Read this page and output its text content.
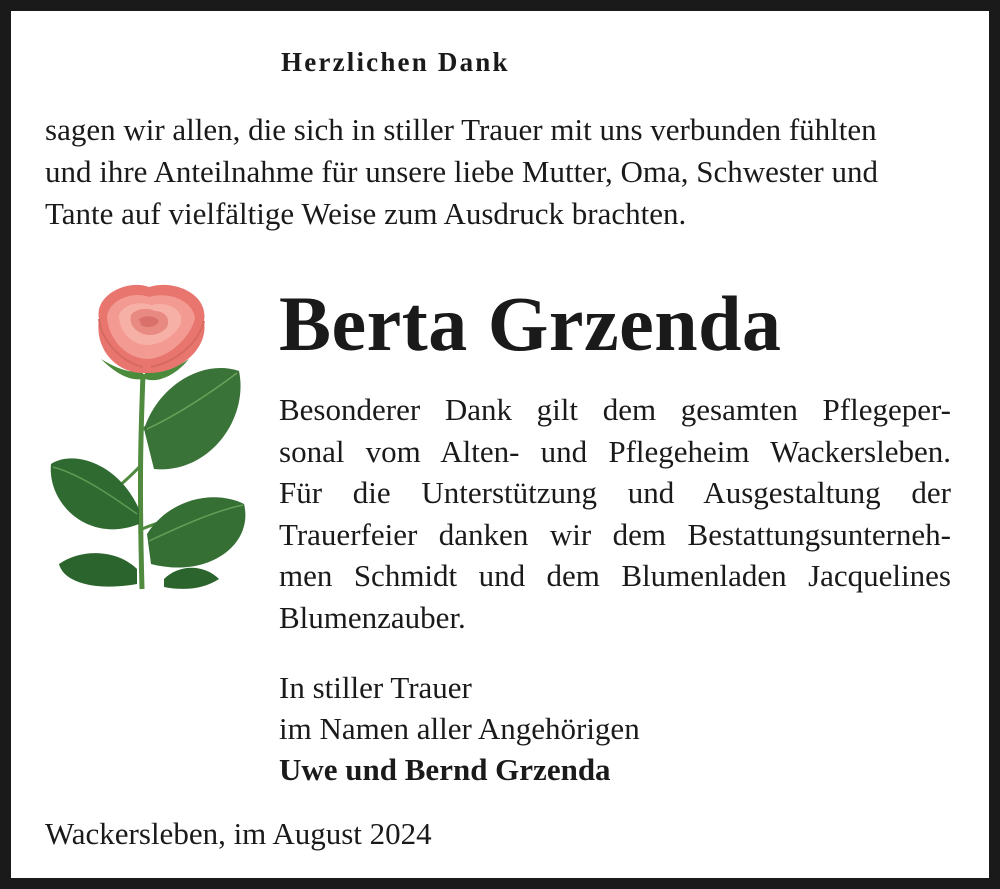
Herzlichen Dank
sagen wir allen, die sich in stiller Trauer mit uns verbunden fühlten
und ihre Anteilnahme für unsere liebe Mutter, Oma, Schwester und
Tante auf vielfältige Weise zum Ausdruck brachten.
Berta Grzenda
Besonderer Dank gilt dem gesamten Pflegeper-
sonal vom Alten- und Pflegeheim Wackersleben.
Für die Unterstützung und Ausgestaltung der
Trauerfeier danken wir dem Bestattungsunterneh-
men Schmidt und dem Blumenladen Jacquelines
Blumenzauber.
In stiller Trauer
im Namen aller Angehörigen
Uwe und Bernd Grzenda
Wackersleben, im August 2024
